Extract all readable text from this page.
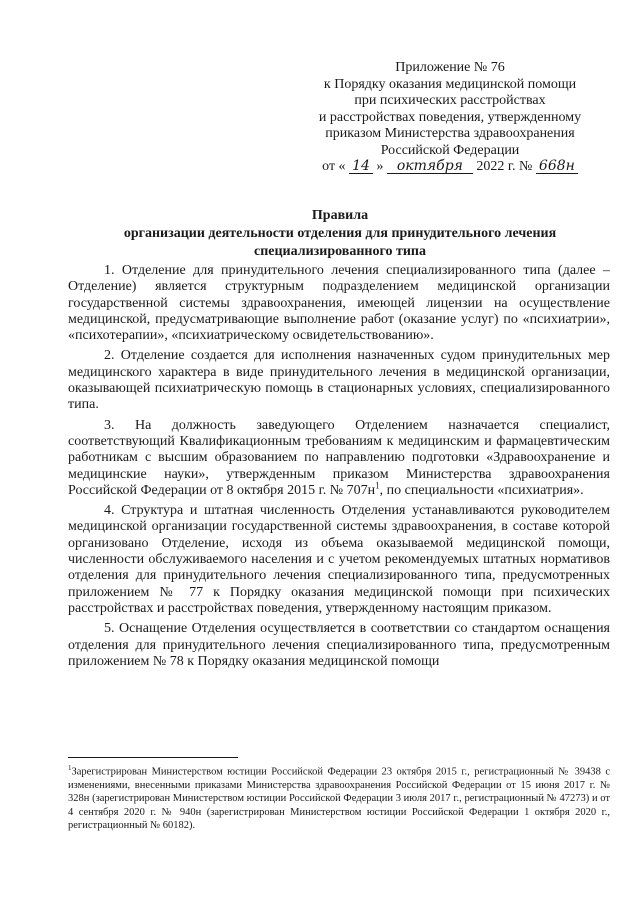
Приложение № 76
к Порядку оказания медицинской помощи
при психических расстройствах
и расстройствах поведения, утвержденному
приказом Министерства здравоохранения
Российской Федерации
от « 14 » октября 2022 г. № 668н
Правила
организации деятельности отделения для принудительного лечения
специализированного типа

1. Отделение для принудительного лечения специализированного типа (далее – Отделение) является структурным подразделением медицинской организации государственной системы здравоохранения, имеющей лицензии на осуществление медицинской, предусматривающие выполнение работ (оказание услуг) по «психиатрии», «психотерапии», «психиатрическому освидетельствованию».

2. Отделение создается для исполнения назначенных судом принудительных мер медицинского характера в виде принудительного лечения в медицинской организации, оказывающей психиатрическую помощь в стационарных условиях, специализированного типа.

3. На должность заведующего Отделением назначается специалист, соответствующий Квалификационным требованиям к медицинским и фармацевтическим работникам с высшим образованием по направлению подготовки «Здравоохранение и медицинские науки», утвержденным приказом Министерства здравоохранения Российской Федерации от 8 октября 2015 г. № $707н^1$, по специальности «психиатрия».

4. Структура и штатная численность Отделения устанавливаются руководителем медицинской организации государственной системы здравоохранения, в составе которой организовано Отделение, исходя из объема оказываемой медицинской помощи, численности обслуживаемого населения и с учетом рекомендуемых штатных нормативов отделения для принудительного лечения специализированного типа, предусмотренных приложением № 77 к Порядку оказания медицинской помощи при психических расстройствах и расстройствах поведения, утвержденному настоящим приказом.

5. Оснащение Отделения осуществляется в соответствии со стандартом оснащения отделения для принудительного лечения специализированного типа, предусмотренным приложением № 78 к Порядку оказания медицинской помощи

$^1$Зарегистрирован Министерством юстиции Российской Федерации 23 октября 2015 г., регистрационный № 39438 с изменениями, внесенными приказами Министерства здравоохранения Российской Федерации от 15 июня 2017 г. № 328н (зарегистрирован Министерством юстиции Российской Федерации 3 июля 2017 г., регистрационный № 47273) и от 4 сентября 2020 г. № 940н (зарегистрирован Министерством юстиции Российской Федерации 1 октября 2020 г., регистрационный № 60182).
